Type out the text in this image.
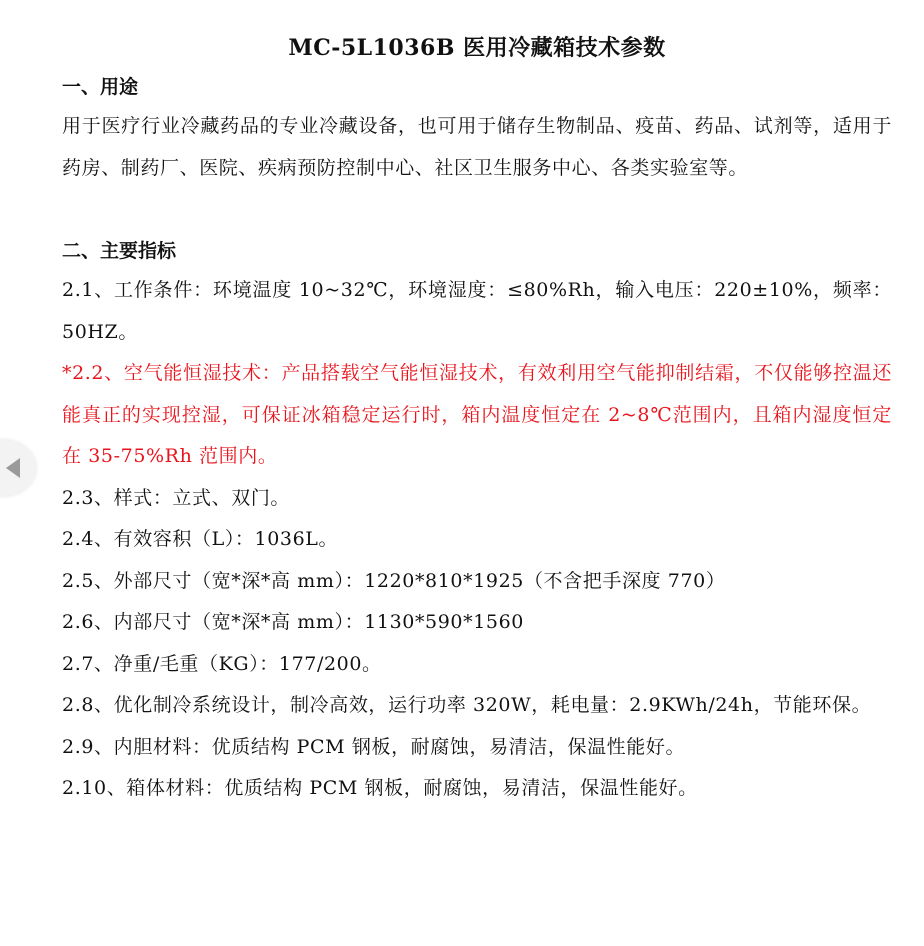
MC-5L1036B 医用冷藏箱技术参数
一、用途

用于医疗行业冷藏药品的专业冷藏设备，也可用于储存生物制品、疫苗、药品、试剂等，适用于药房、制药厂、医院、疾病预防控制中心、社区卫生服务中心、各类实验室等。

二、主要指标

2.1、工作条件：环境温度 10~32℃，环境湿度：≤80%Rh，输入电压：220±10%，频率：50HZ。

*2.2、空气能恒湿技术：产品搭载空气能恒湿技术，有效利用空气能抑制结霜，不仅能够控温还能真正的实现控湿，可保证冰箱稳定运行时，箱内温度恒定在 2~8℃范围内，且箱内湿度恒定在 35-75%Rh 范围内。

2.3、样式：立式、双门。

2.4、有效容积（L）：1036L。

2.5、外部尺寸（宽*深*高 mm）：1220*810*1925（不含把手深度 770）

2.6、内部尺寸（宽*深*高 mm）：1130*590*1560

2.7、净重/毛重（KG）：177/200。

2.8、优化制冷系统设计，制冷高效，运行功率 320W，耗电量：2.9KWh/24h，节能环保。

2.9、内胆材料：优质结构 PCM 钢板，耐腐蚀，易清洁，保温性能好。

2.10、箱体材料：优质结构 PCM 钢板，耐腐蚀，易清洁，保温性能好。
